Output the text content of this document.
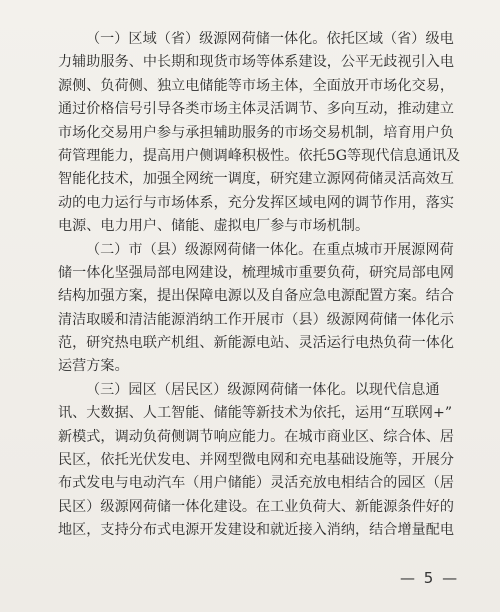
（一）区域（省）级源网荷储一体化。依托区域（省）级电
力辅助服务、中长期和现货市场等体系建设，公平无歧视引入电
源侧、负荷侧、独立电储能等市场主体，全面放开市场化交易，
通过价格信号引导各类市场主体灵活调节、多向互动，推动建立
市场化交易用户参与承担辅助服务的市场交易机制，培育用户负
荷管理能力，提高用户侧调峰积极性。依托5G等现代信息通讯及
智能化技术，加强全网统一调度，研究建立源网荷储灵活高效互
动的电力运行与市场体系，充分发挥区域电网的调节作用，落实
电源、电力用户、储能、虚拟电厂参与市场机制。
（二）市（县）级源网荷储一体化。在重点城市开展源网荷
储一体化坚强局部电网建设，梳理城市重要负荷，研究局部电网
结构加强方案，提出保障电源以及自备应急电源配置方案。结合
清洁取暖和清洁能源消纳工作开展市（县）级源网荷储一体化示
范，研究热电联产机组、新能源电站、灵活运行电热负荷一体化
运营方案。
（三）园区（居民区）级源网荷储一体化。以现代信息通
讯、大数据、人工智能、储能等新技术为依托，运用“互联网+”
新模式，调动负荷侧调节响应能力。在城市商业区、综合体、居
民区，依托光伏发电、并网型微电网和充电基础设施等，开展分
布式发电与电动汽车（用户储能）灵活充放电相结合的园区（居
民区）级源网荷储一体化建设。在工业负荷大、新能源条件好的
地区，支持分布式电源开发建设和就近接入消纳，结合增量配电
— 5 —
